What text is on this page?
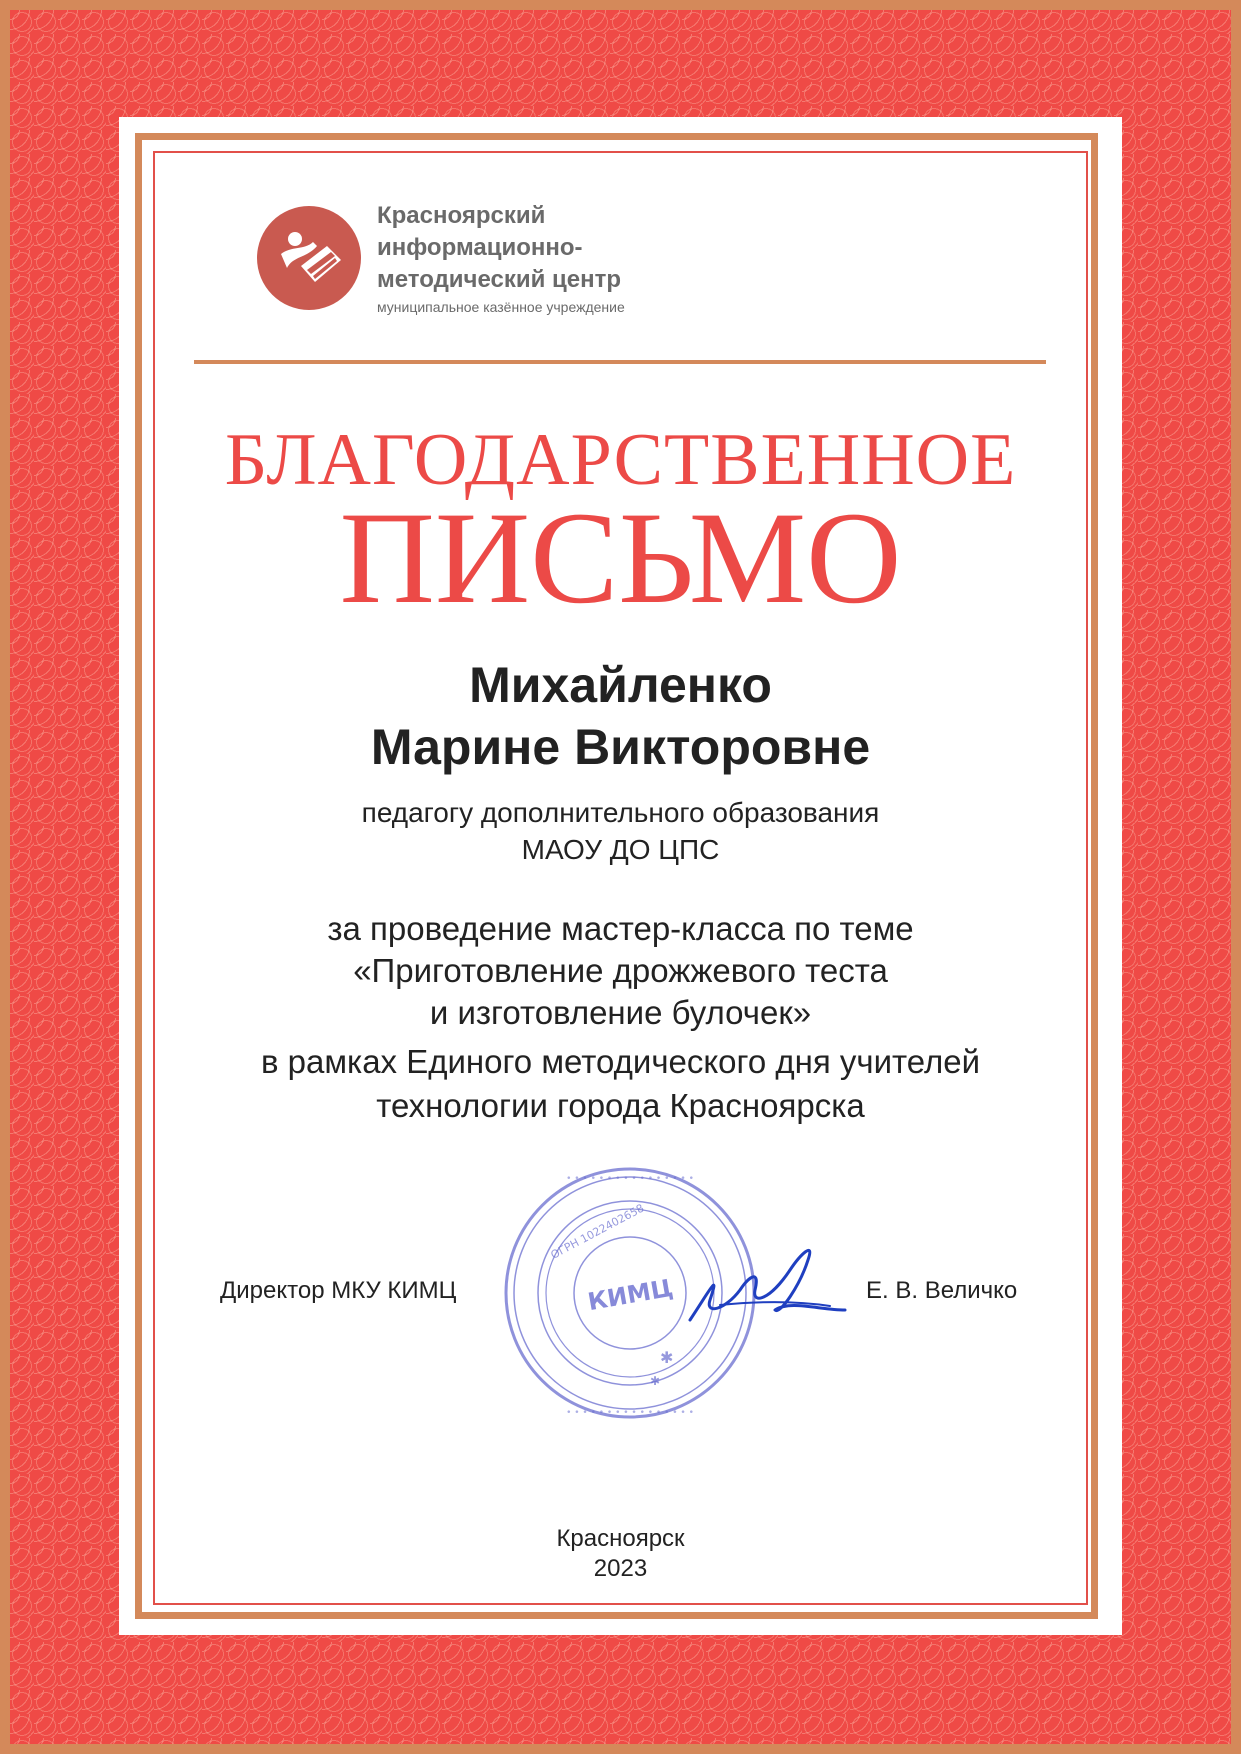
Красноярский
информационно-
методический центр
муниципальное казённое учреждение
БЛАГОДАРСТВЕННОЕ
ПИСЬМО
Михайленко
Марине Викторовне
педагогу дополнительного образования
МАОУ ДО ЦПС
за проведение мастер-класса по теме
«Приготовление дрожжевого теста
и изготовление булочек»
в рамках Единого методического дня учителей
технологии города Красноярска
Директор МКУ КИМЦ
• • • • • • • • • • • • • • • •
• • • • • • • • • • • • • • • •
КИМЦ
ОГРН 1022402658
✱
✱
Е. В. Величко
Красноярск
2023
